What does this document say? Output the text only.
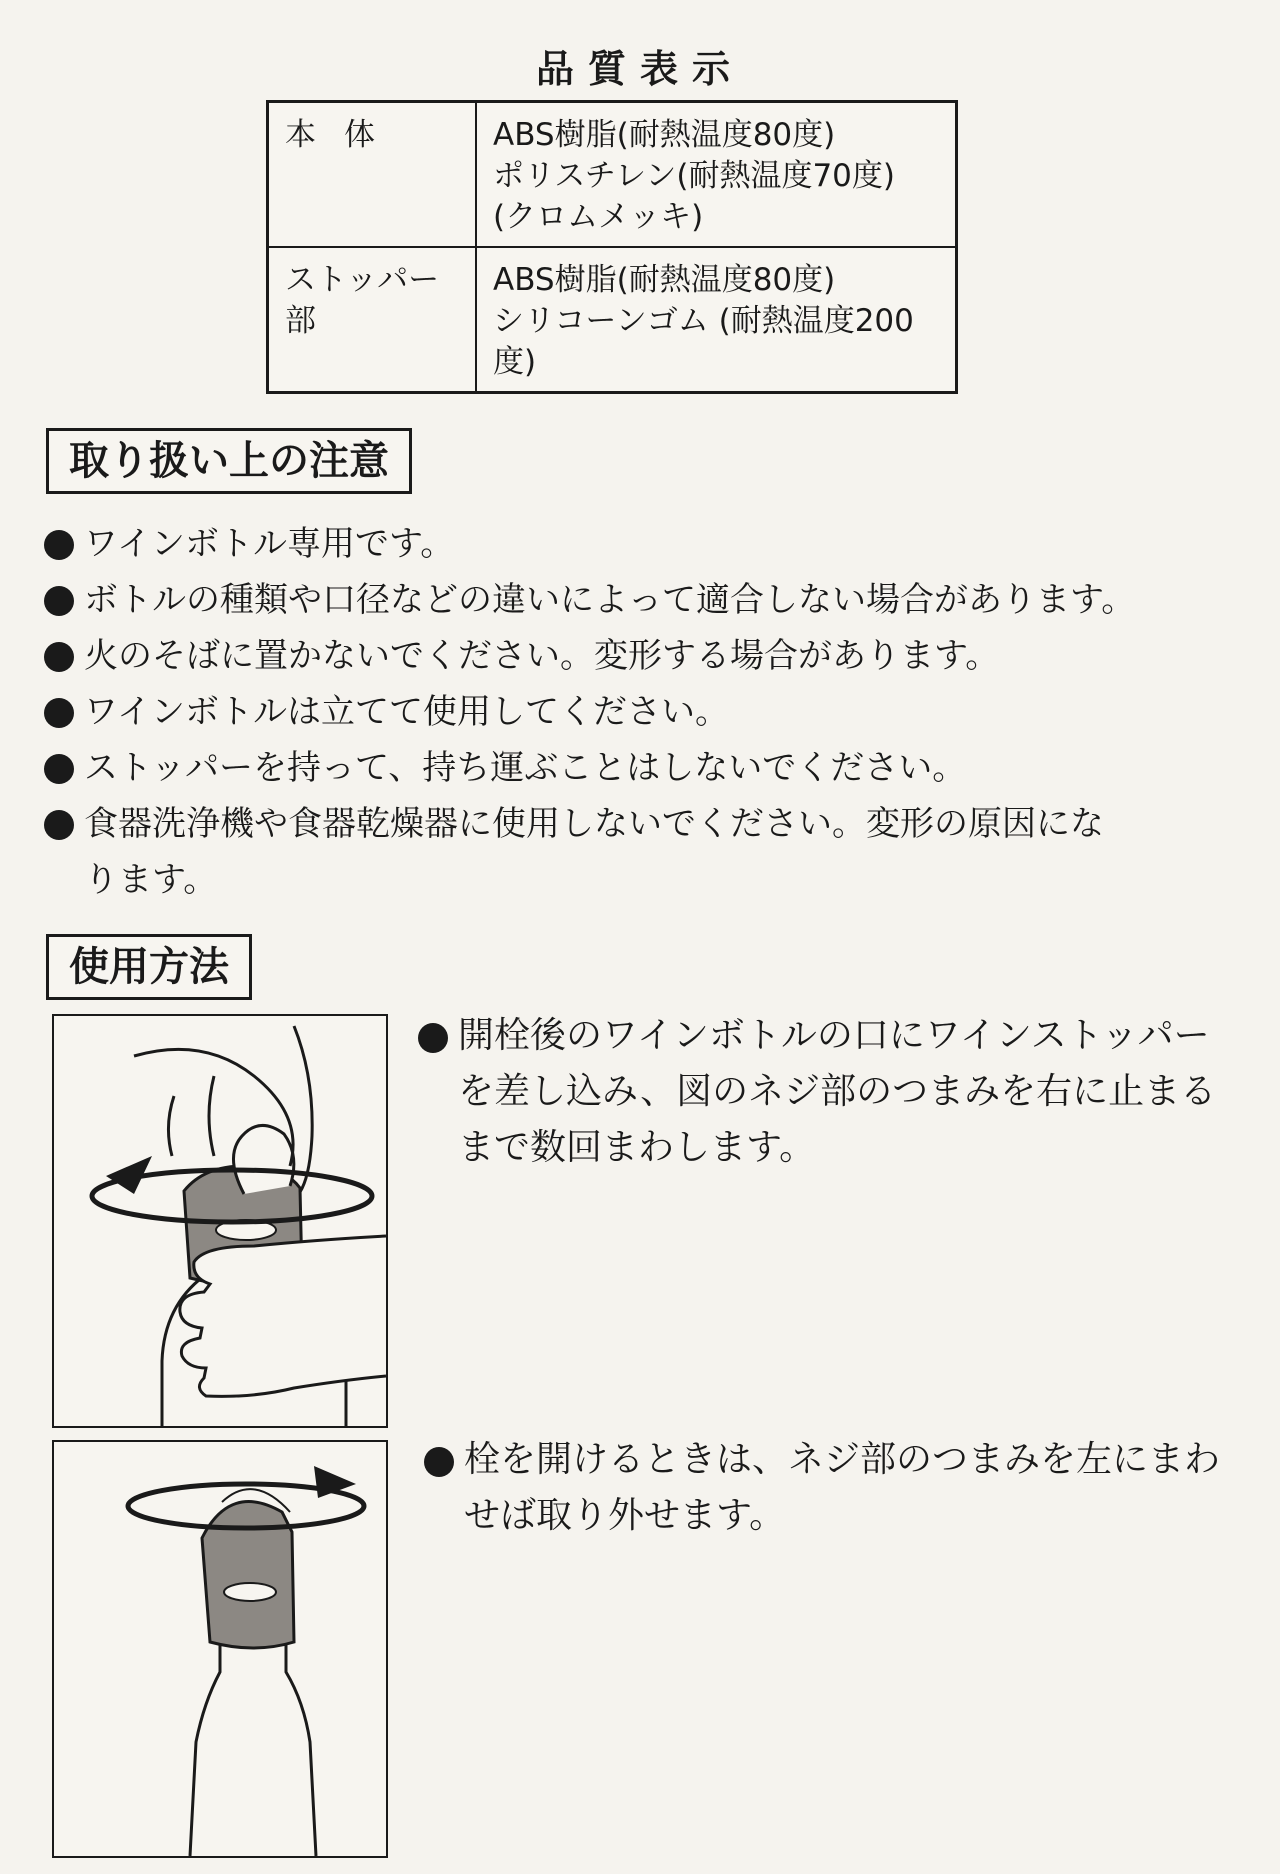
品質表示
本体	ABS樹脂(耐熱温度80度)
ポリスチレン(耐熱温度70度)
(クロムメッキ)

ストッパー部	ABS樹脂(耐熱温度80度)
シリコーンゴム (耐熱温度200度)
取り扱い上の注意
ワインボトル専用です。
ボトルの種類や口径などの違いによって適合しない場合があります。
火のそばに置かないでください。変形する場合があります。
ワインボトルは立てて使用してください。
ストッパーを持って、持ち運ぶことはしないでください。
食器洗浄機や食器乾燥器に使用しないでください。変形の原因にな
ります。
使用方法
開栓後のワインボトルの口にワインストッパー
を差し込み、図のネジ部のつまみを右に止まる
まで数回まわします。
栓を開けるときは、ネジ部のつまみを左にまわ
せば取り外せます。
